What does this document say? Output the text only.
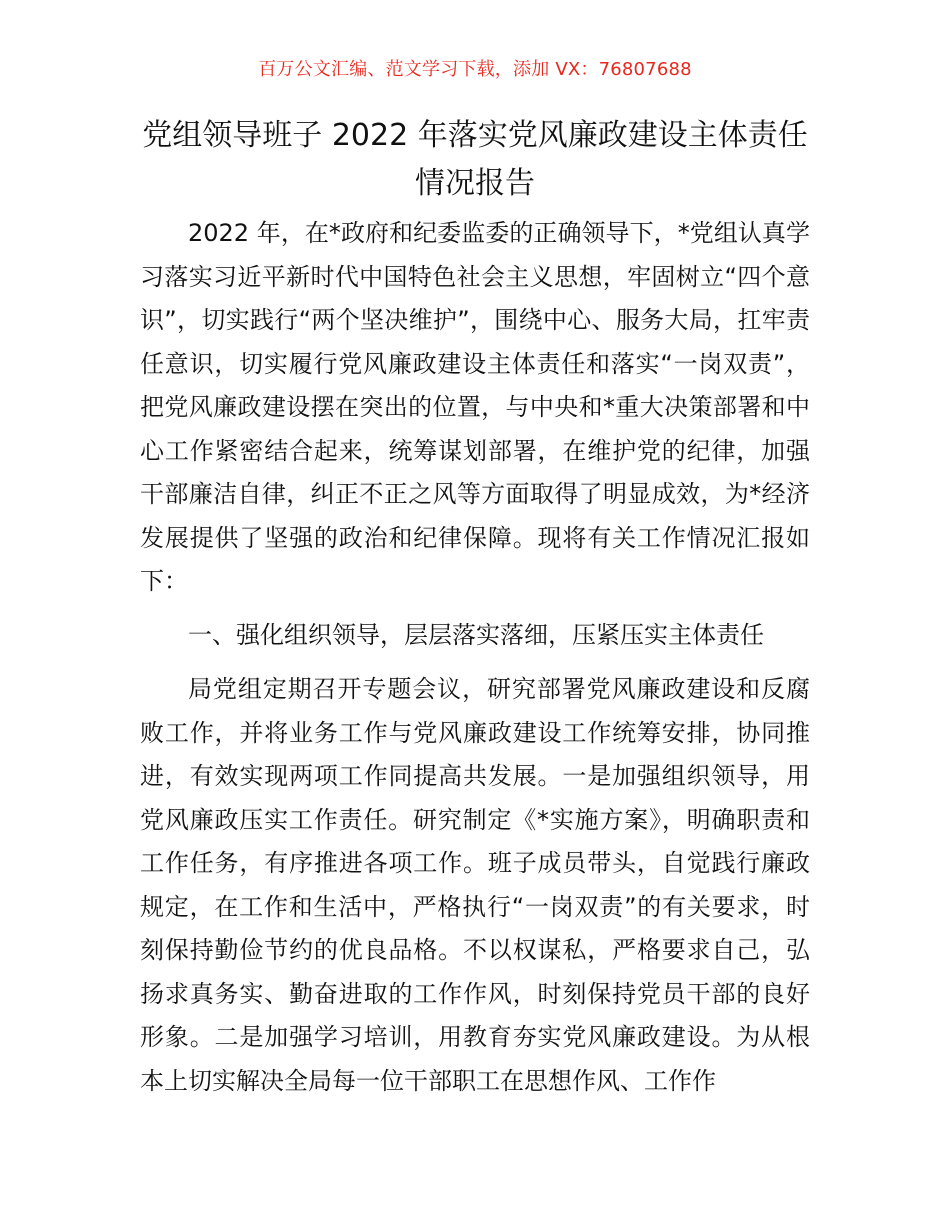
百万公文汇编、范文学习下载，添加 VX：76807688
党组领导班子 2022 年落实党风廉政建设主体责任情况报告

2022 年，在*政府和纪委监委的正确领导下，*党组认真学习落实习近平新时代中国特色社会主义思想，牢固树立“四个意识”，切实践行“两个坚决维护”，围绕中心、服务大局，扛牢责任意识，切实履行党风廉政建设主体责任和落实“一岗双责”，把党风廉政建设摆在突出的位置，与中央和*重大决策部署和中心工作紧密结合起来，统筹谋划部署，在维护党的纪律，加强干部廉洁自律，纠正不正之风等方面取得了明显成效，为*经济发展提供了坚强的政治和纪律保障。现将有关工作情况汇报如下：

一、强化组织领导，层层落实落细，压紧压实主体责任

局党组定期召开专题会议，研究部署党风廉政建设和反腐败工作，并将业务工作与党风廉政建设工作统筹安排，协同推进，有效实现两项工作同提高共发展。一是加强组织领导，用党风廉政压实工作责任。研究制定《*实施方案》，明确职责和工作任务，有序推进各项工作。班子成员带头，自觉践行廉政规定，在工作和生活中，严格执行“一岗双责”的有关要求，时刻保持勤俭节约的优良品格。不以权谋私，严格要求自己，弘扬求真务实、勤奋进取的工作作风，时刻保持党员干部的良好形象。二是加强学习培训，用教育夯实党风廉政建设。为从根本上切实解决全局每一位干部职工在思想作风、工作作
